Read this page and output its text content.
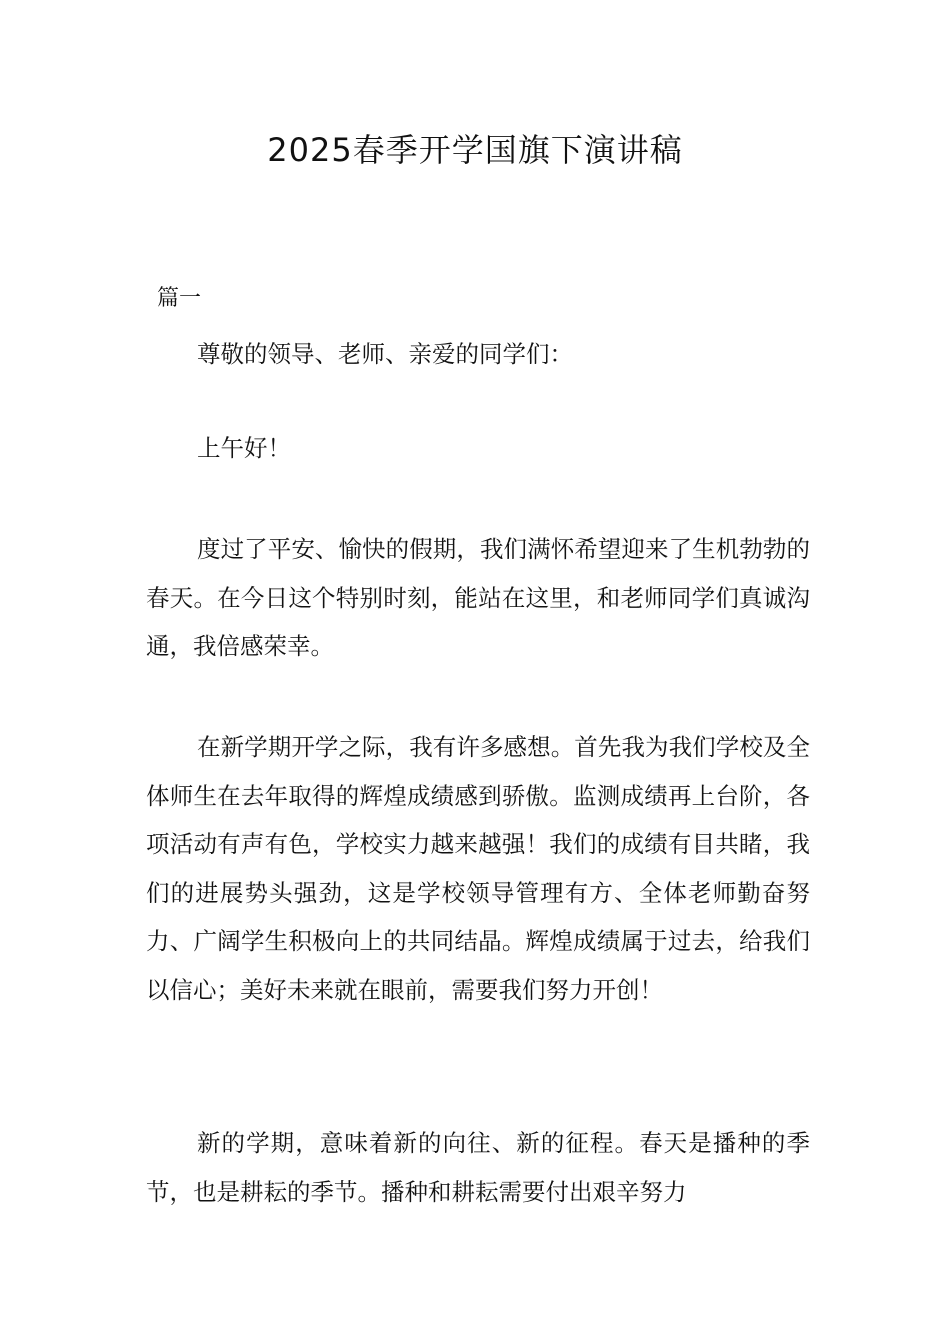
2025春季开学国旗下演讲稿

篇一

尊敬的领导、老师、亲爱的同学们：

上午好！

度过了平安、愉快的假期，我们满怀希望迎来了生机勃勃的春天。在今日这个特别时刻，能站在这里，和老师同学们真诚沟通，我倍感荣幸。

在新学期开学之际，我有许多感想。首先我为我们学校及全体师生在去年取得的辉煌成绩感到骄傲。监测成绩再上台阶，各项活动有声有色，学校实力越来越强！我们的成绩有目共睹，我们的进展势头强劲，这是学校领导管理有方、全体老师勤奋努力、广阔学生积极向上的共同结晶。辉煌成绩属于过去，给我们以信心；美好未来就在眼前，需要我们努力开创！

新的学期，意味着新的向往、新的征程。春天是播种的季节，也是耕耘的季节。播种和耕耘需要付出艰辛努力
